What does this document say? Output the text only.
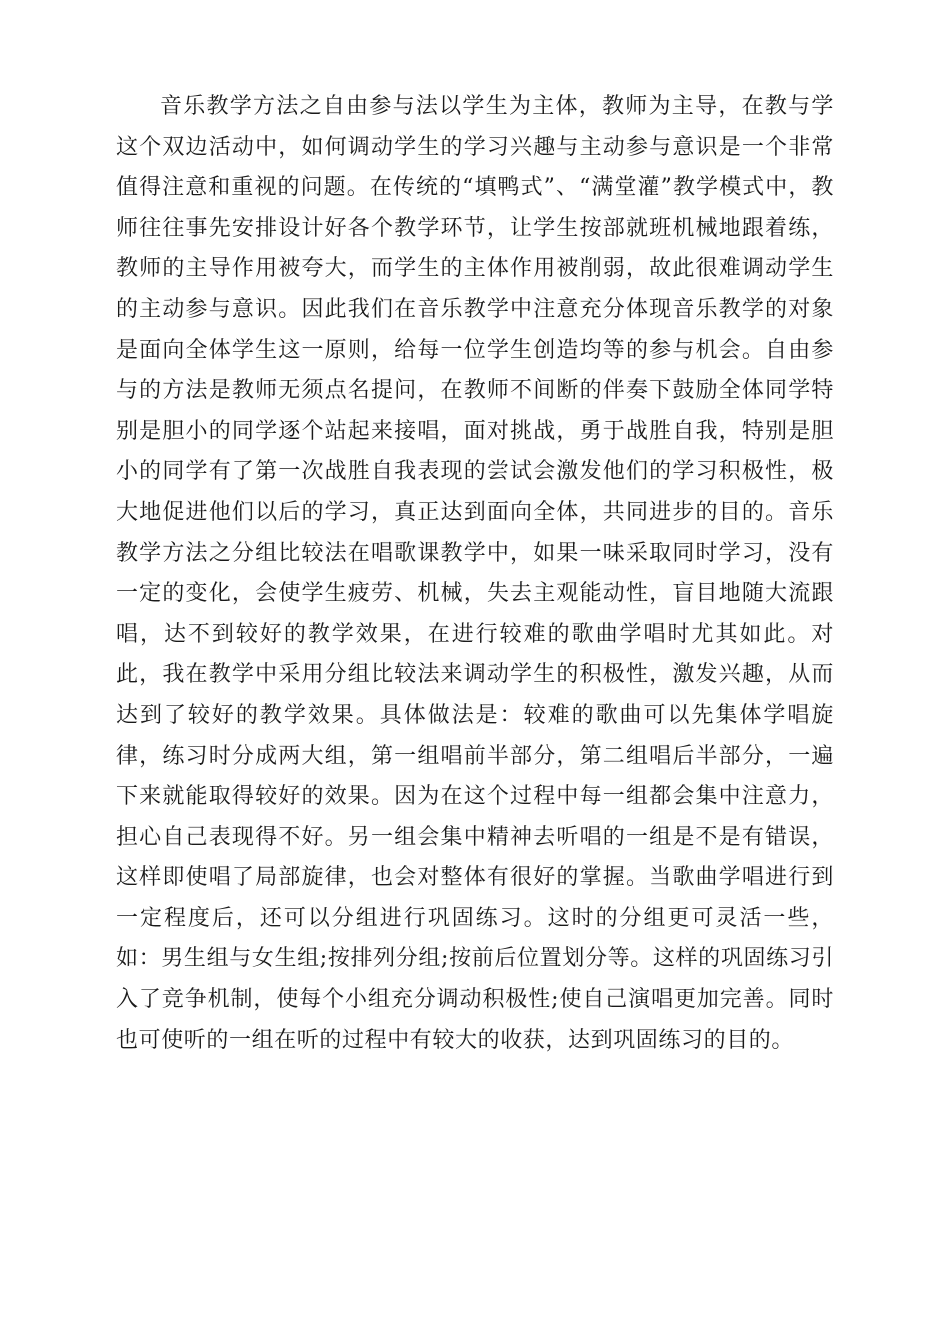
音乐教学方法之自由参与法以学生为主体，教师为主导，在教与学这个双边活动中，如何调动学生的学习兴趣与主动参与意识是一个非常值得注意和重视的问题。在传统的“填鸭式”、“满堂灌”教学模式中，教师往往事先安排设计好各个教学环节，让学生按部就班机械地跟着练，教师的主导作用被夸大，而学生的主体作用被削弱，故此很难调动学生的主动参与意识。因此我们在音乐教学中注意充分体现音乐教学的对象是面向全体学生这一原则，给每一位学生创造均等的参与机会。自由参与的方法是教师无须点名提问，在教师不间断的伴奏下鼓励全体同学特别是胆小的同学逐个站起来接唱，面对挑战，勇于战胜自我，特别是胆小的同学有了第一次战胜自我表现的尝试会激发他们的学习积极性，极大地促进他们以后的学习，真正达到面向全体，共同进步的目的。音乐教学方法之分组比较法在唱歌课教学中，如果一味采取同时学习，没有一定的变化，会使学生疲劳、机械，失去主观能动性，盲目地随大流跟唱，达不到较好的教学效果，在进行较难的歌曲学唱时尤其如此。对此，我在教学中采用分组比较法来调动学生的积极性，激发兴趣，从而达到了较好的教学效果。具体做法是：较难的歌曲可以先集体学唱旋律，练习时分成两大组，第一组唱前半部分，第二组唱后半部分，一遍下来就能取得较好的效果。因为在这个过程中每一组都会集中注意力，担心自己表现得不好。另一组会集中精神去听唱的一组是不是有错误，这样即使唱了局部旋律，也会对整体有很好的掌握。当歌曲学唱进行到一定程度后，还可以分组进行巩固练习。这时的分组更可灵活一些，如：男生组与女生组;按排列分组;按前后位置划分等。这样的巩固练习引入了竞争机制，使每个小组充分调动积极性;使自己演唱更加完善。同时也可使听的一组在听的过程中有较大的收获，达到巩固练习的目的。
